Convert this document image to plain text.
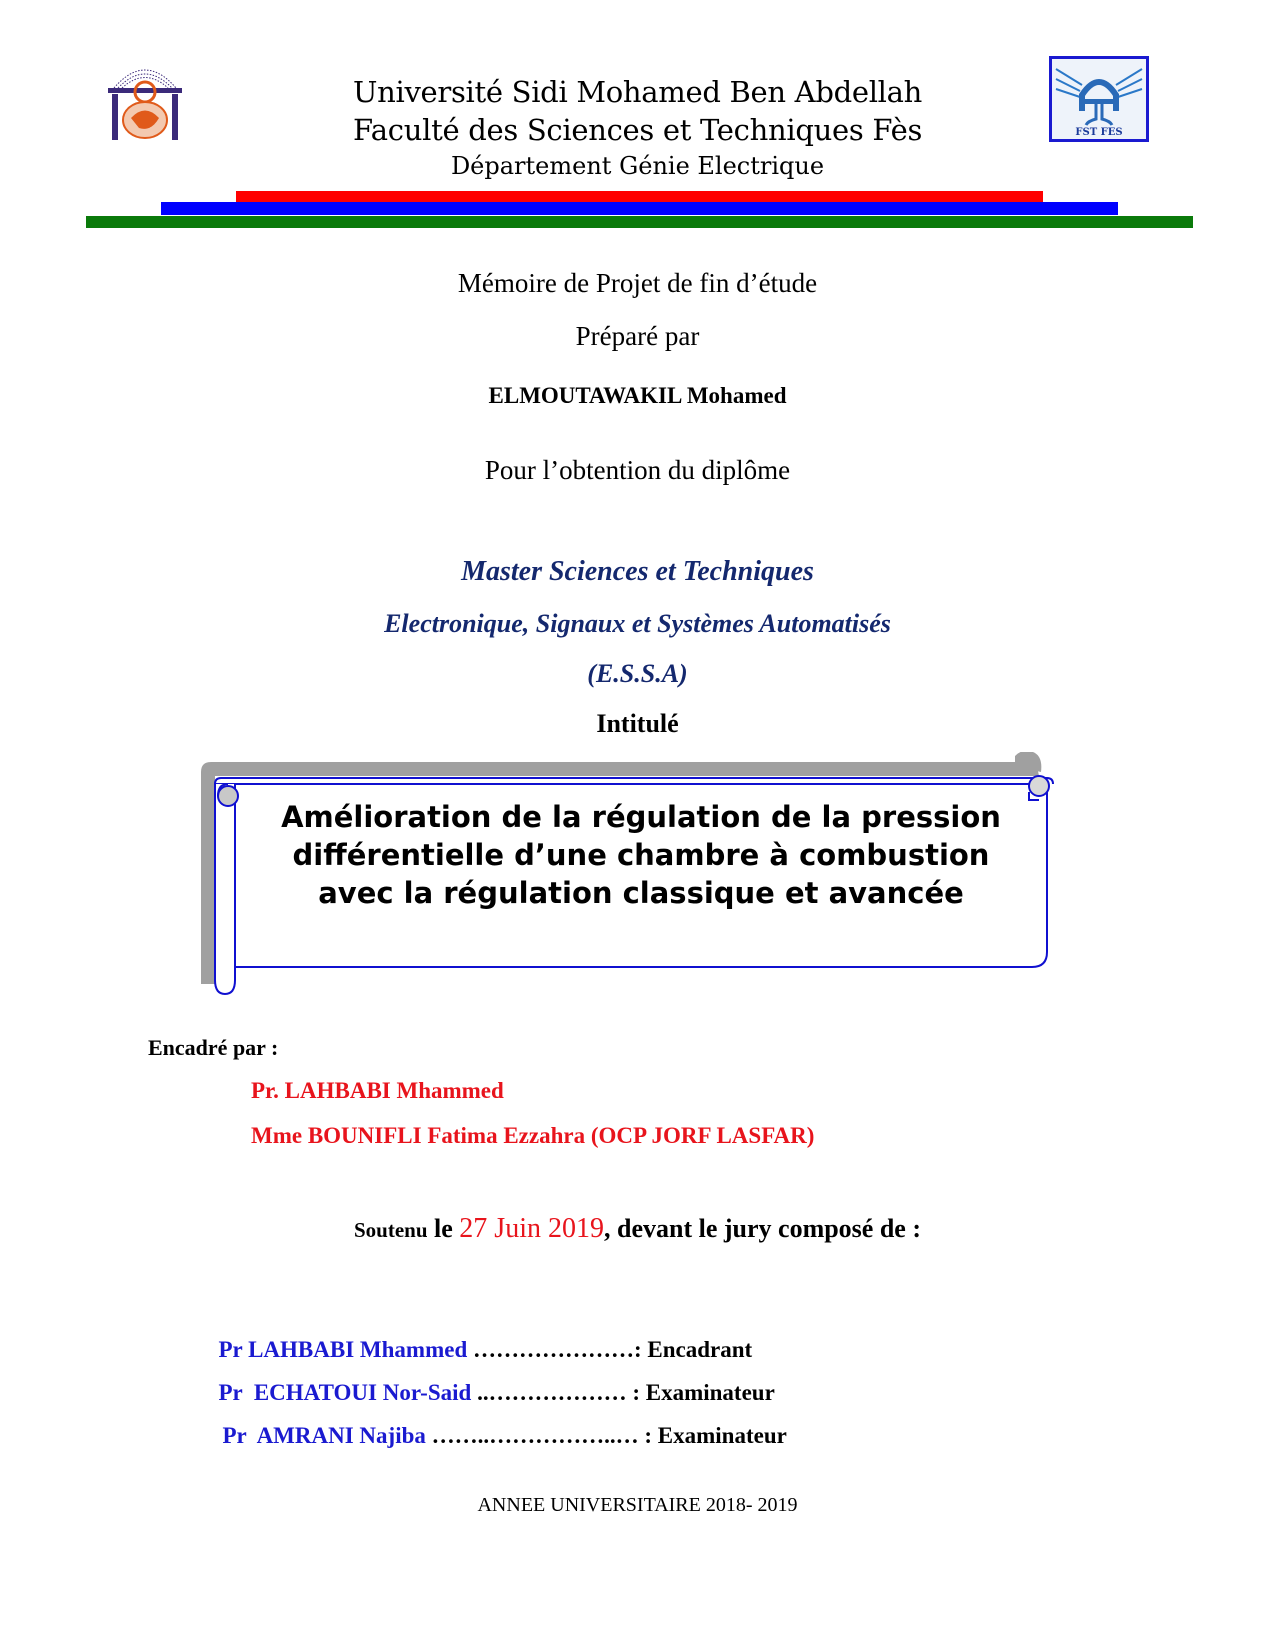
FST FES
Université Sidi Mohamed Ben Abdellah
Faculté des Sciences et Techniques Fès
Département Génie Electrique
Mémoire de Projet de fin d’étude
Préparé par
ELMOUTAWAKIL Mohamed
Pour l’obtention du diplôme
Master Sciences et Techniques
Electronique, Signaux et Systèmes Automatisés
(E.S.S.A)
Intitulé
Amélioration de la régulation de la pression
différentielle d’une chambre à combustion
avec la régulation classique et avancée
Encadré par :
Pr. LAHBABI Mhammed
Mme BOUNIFLI Fatima Ezzahra (OCP JORF LASFAR)
Soutenu le 27 Juin 2019, devant le jury composé de :

Pr LAHBABI Mhammed …………………: Encadrant

Pr  ECHATOUI Nor-Said ..……………… : Examinateur

Pr  AMRANI Najiba ……..……………..… : Examinateur

ANNEE UNIVERSITAIRE 2018- 2019
